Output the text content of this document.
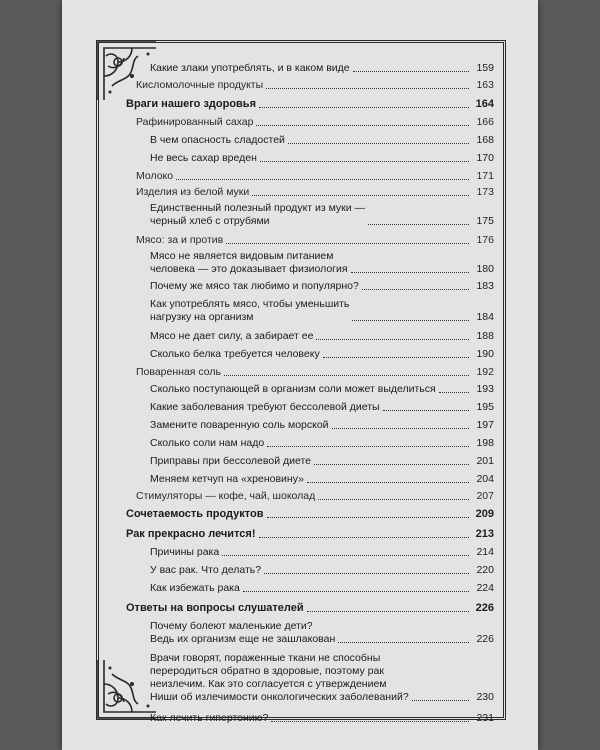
Какие злаки употреблять, и в каком виде	159
Кисломолочные продукты	163
Враги нашего здоровья	164
Рафинированный сахар	166
В чем опасность сладостей	168
Не весь сахар вреден	170
Молоко	171
Изделия из белой муки	173
Единственный полезный продукт из муки —
черный хлеб с отрубями	175
Мясо: за и против	176
Мясо не является видовым питанием
человека — это доказывает физиология	180
Почему же мясо так любимо и популярно?	183
Как употреблять мясо, чтобы уменьшить
нагрузку на организм	184
Мясо не дает силу, а забирает ее	188
Сколько белка требуется человеку	190
Поваренная соль	192
Сколько поступающей в организм соли может выделиться	193
Какие заболевания требуют бессолевой диеты	195
Замените поваренную соль морской	197
Сколько соли нам надо	198
Приправы при бессолевой диете	201
Меняем кетчуп на «хреновину»	204
Стимуляторы — кофе, чай, шоколад	207
Сочетаемость продуктов	209
Рак прекрасно лечится!	213
Причины рака	214
У вас рак. Что делать?	220
Как избежать рака	224
Ответы на вопросы слушателей	226
Почему болеют маленькие дети?
Ведь их организм еще не зашлакован	226
Врачи говорят, пораженные ткани не способны
переродиться обратно в здоровые, поэтому рак
неизлечим. Как это согласуется с утверждением
Ниши об излечимости онкологических заболеваний?	230
Как лечить гипертонию?	231
